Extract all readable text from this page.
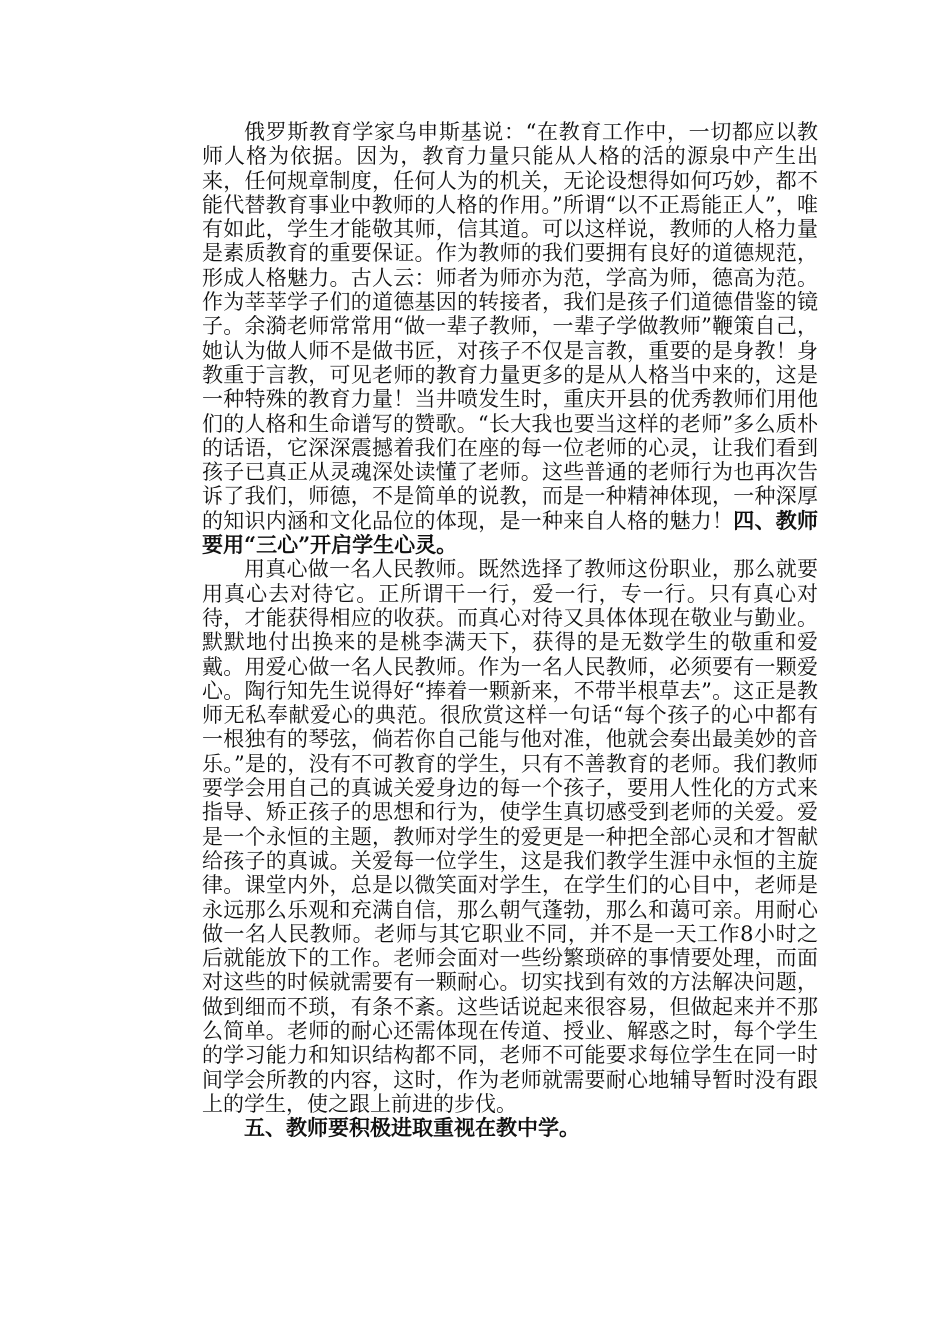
俄罗斯教育学家乌申斯基说：“在教育工作中，一切都应以教师人格为依据。因为，教育力量只能从人格的活的源泉中产生出来，任何规章制度，任何人为的机关，无论设想得如何巧妙，都不能代替教育事业中教师的人格的作用。”所谓“以不正焉能正人”，唯有如此，学生才能敬其师，信其道。可以这样说，教师的人格力量是素质教育的重要保证。作为教师的我们要拥有良好的道德规范，形成人格魅力。古人云：师者为师亦为范，学高为师，德高为范。作为莘莘学子们的道德基因的转接者，我们是孩子们道德借鉴的镜子。余漪老师常常用“做一辈子教师，一辈子学做教师”鞭策自己，她认为做人师不是做书匠，对孩子不仅是言教，重要的是身教！身教重于言教，可见老师的教育力量更多的是从人格当中来的，这是一种特殊的教育力量！当井喷发生时，重庆开县的优秀教师们用他们的人格和生命谱写的赞歌。“长大我也要当这样的老师”多么质朴的话语，它深深震撼着我们在座的每一位老师的心灵，让我们看到孩子已真正从灵魂深处读懂了老师。这些普通的老师行为也再次告诉了我们，师德，不是简单的说教，而是一种精神体现，一种深厚的知识内涵和文化品位的体现，是一种来自人格的魅力！四、教师要用“三心”开启学生心灵。

用真心做一名人民教师。既然选择了教师这份职业，那么就要用真心去对待它。正所谓干一行，爱一行，专一行。只有真心对待，才能获得相应的收获。而真心对待又具体体现在敬业与勤业。默默地付出换来的是桃李满天下，获得的是无数学生的敬重和爱戴。用爱心做一名人民教师。作为一名人民教师，必须要有一颗爱心。陶行知先生说得好“捧着一颗新来，不带半根草去”。这正是教师无私奉献爱心的典范。很欣赏这样一句话“每个孩子的心中都有一根独有的琴弦，倘若你自己能与他对准，他就会奏出最美妙的音乐。”是的，没有不可教育的学生，只有不善教育的老师。我们教师要学会用自己的真诚关爱身边的每一个孩子，要用人性化的方式来指导、矫正孩子的思想和行为，使学生真切感受到老师的关爱。爱是一个永恒的主题，教师对学生的爱更是一种把全部心灵和才智献给孩子的真诚。关爱每一位学生，这是我们教学生涯中永恒的主旋律。课堂内外，总是以微笑面对学生，在学生们的心目中，老师是永远那么乐观和充满自信，那么朝气蓬勃，那么和蔼可亲。用耐心做一名人民教师。老师与其它职业不同，并不是一天工作8小时之后就能放下的工作。老师会面对一些纷繁琐碎的事情要处理，而面对这些的时候就需要有一颗耐心。切实找到有效的方法解决问题，做到细而不琐，有条不紊。这些话说起来很容易，但做起来并不那么简单。老师的耐心还需体现在传道、授业、解惑之时，每个学生的学习能力和知识结构都不同，老师不可能要求每位学生在同一时间学会所教的内容，这时，作为老师就需要耐心地辅导暂时没有跟上的学生，使之跟上前进的步伐。

五、教师要积极进取重视在教中学。
